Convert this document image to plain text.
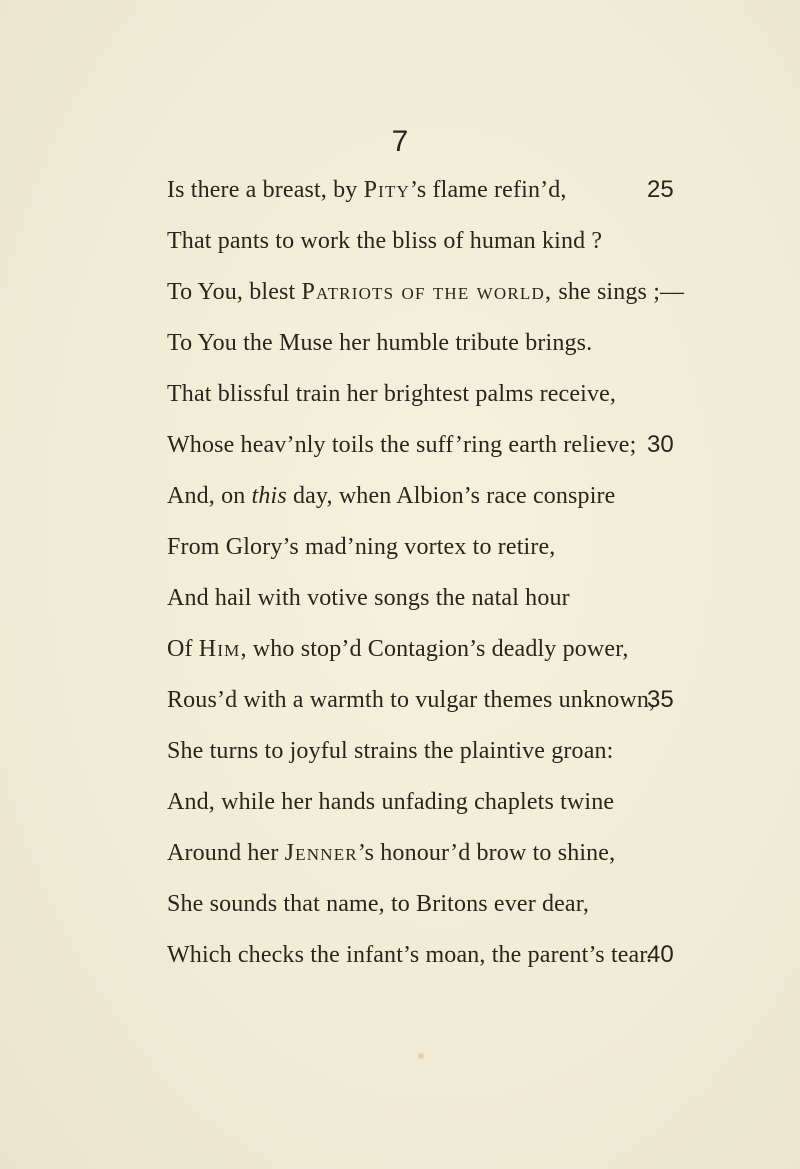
7
Is there a breast, by Pity’s flame refin’d,	25
That pants to work the bliss of human kind ?
To You, blest Patriots of the world, she sings ;—
To You the Muse her humble tribute brings.
That blissful train her brightest palms receive,
Whose heav’nly toils the suff’ring earth relieve; 30
And, on this day, when Albion’s race conspire
From Glory’s mad’ning vortex to retire,
And hail with votive songs the natal hour
Of Him, who stop’d Contagion’s deadly power,
Rous’d with a warmth to vulgar themes unknown,
35
She turns to joyful strains the plaintive groan:
And, while her hands unfading chaplets twine
Around her Jenner’s honour’d brow to shine,
She sounds that name, to Britons ever dear,
Which checks the infant’s moan, the parent’s tear.
40
